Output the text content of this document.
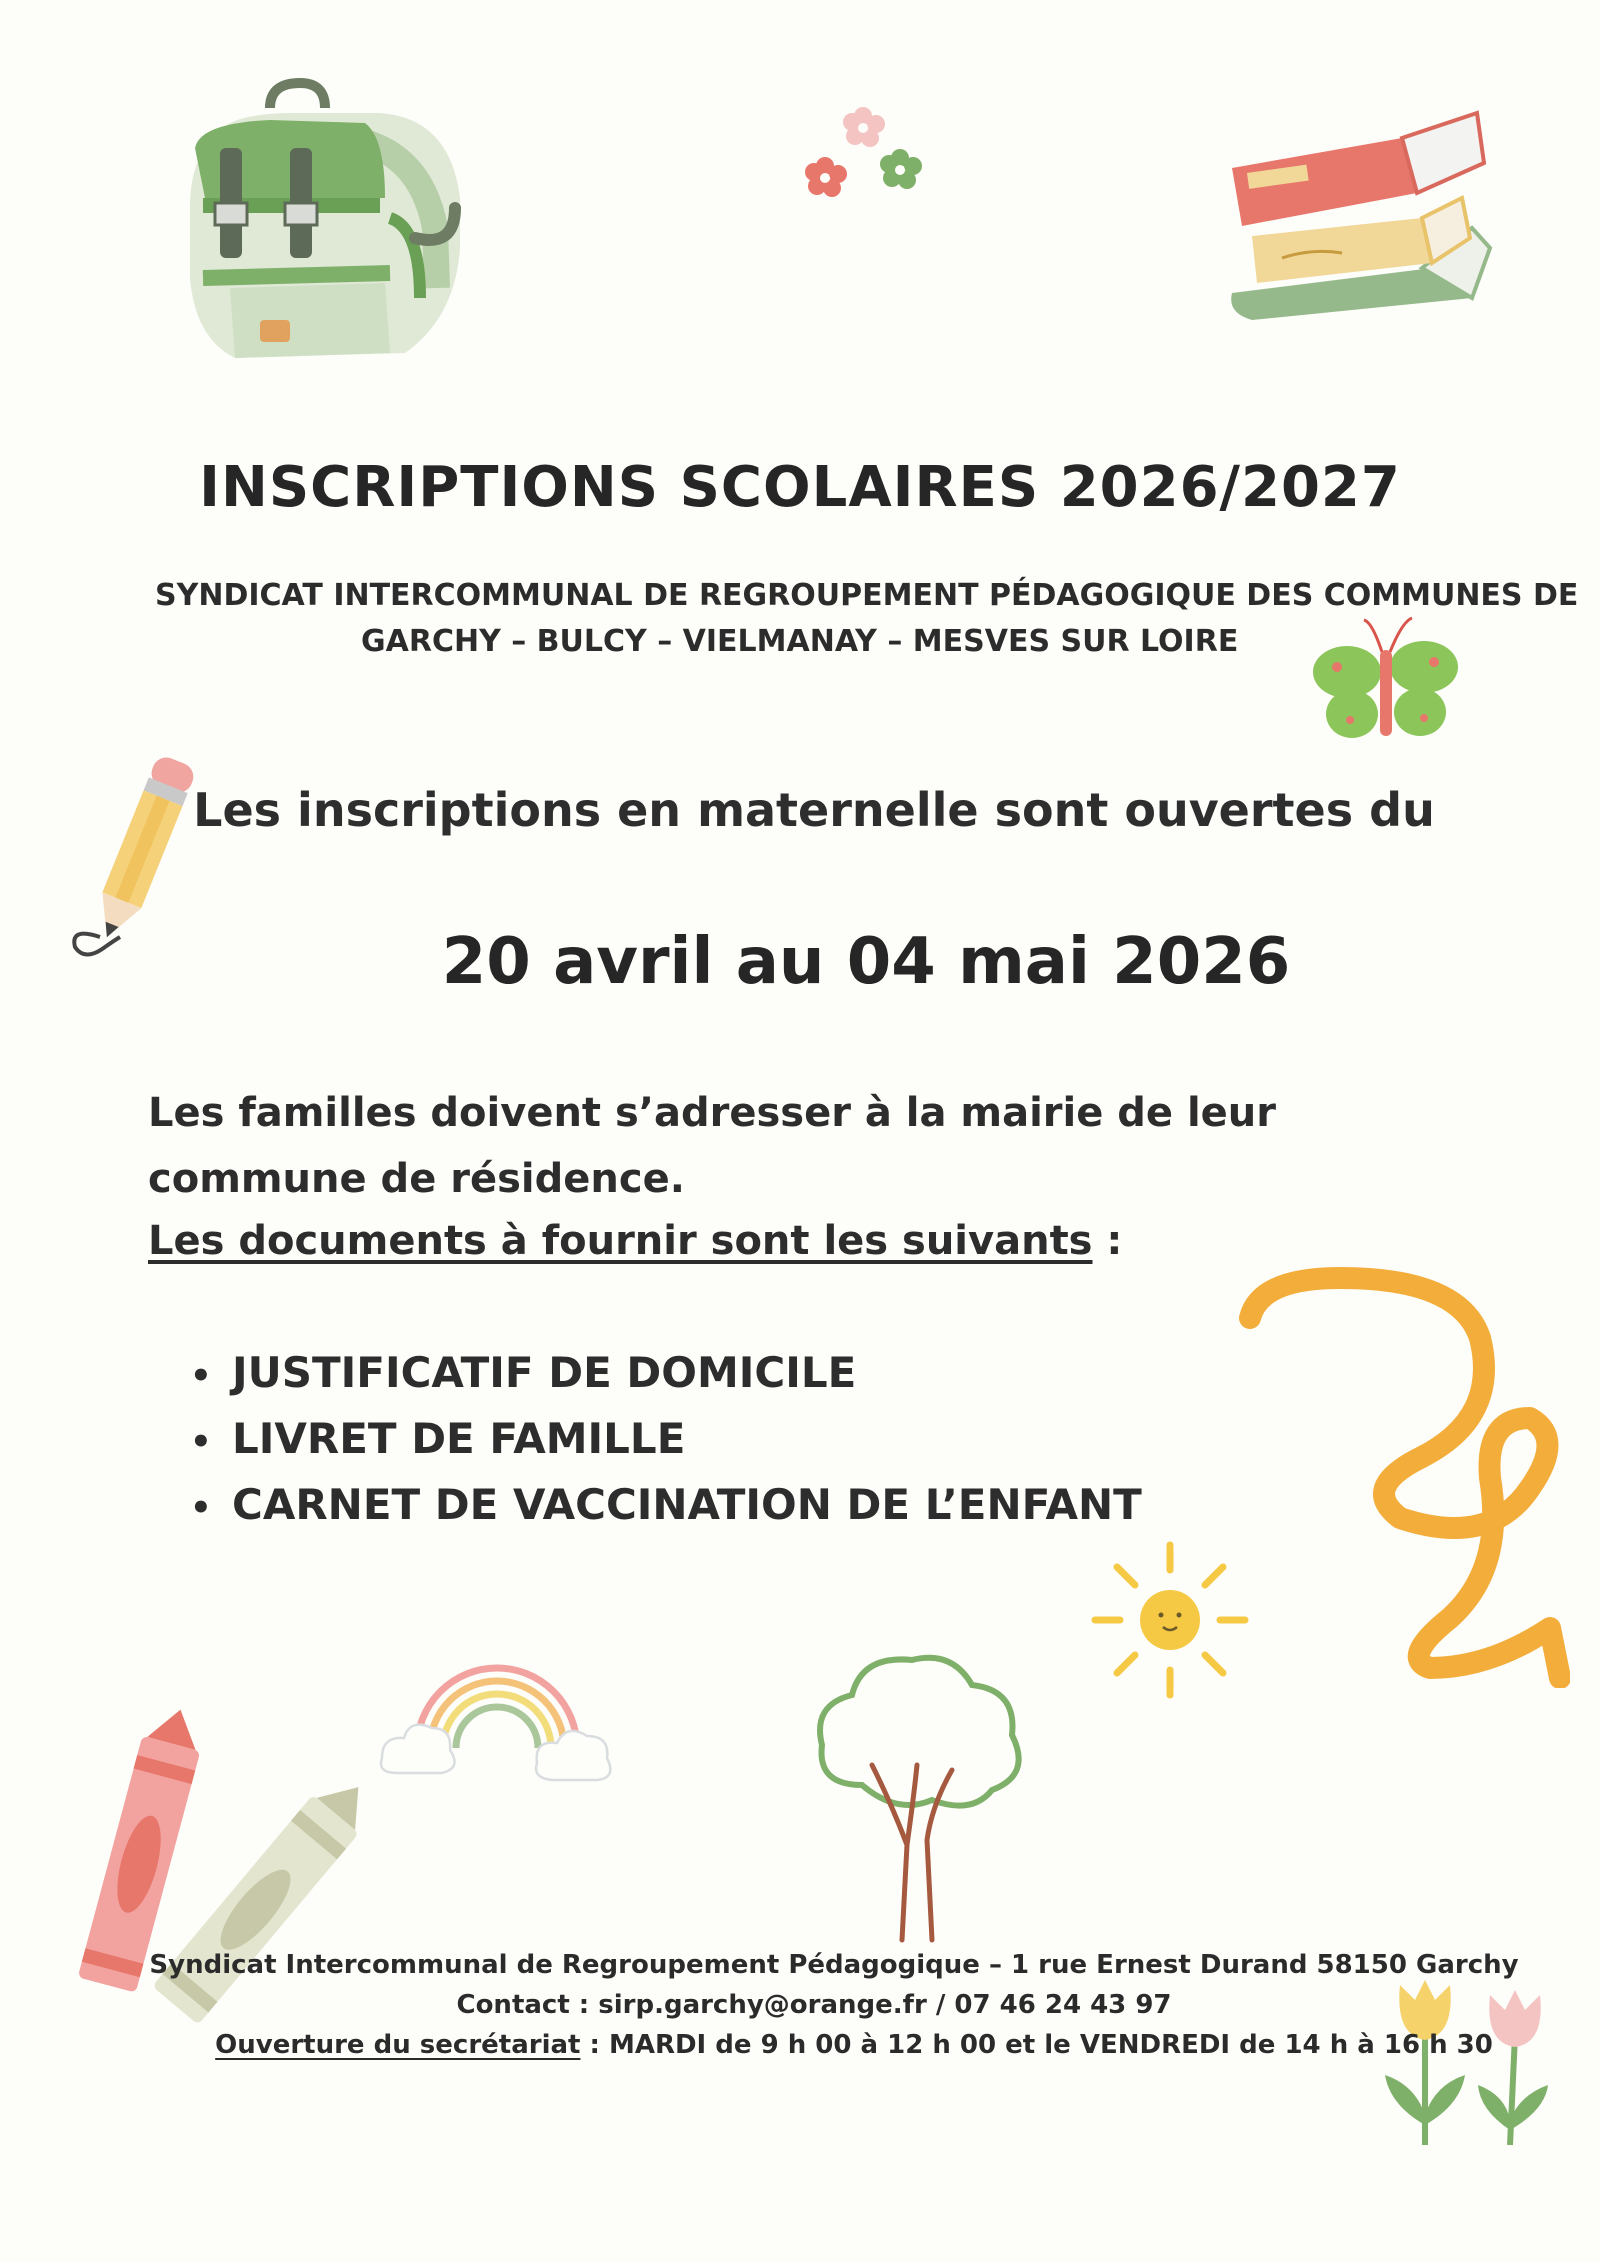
INSCRIPTIONS SCOLAIRES 2026/2027
SYNDICAT INTERCOMMUNAL DE REGROUPEMENT PÉDAGOGIQUE DES COMMUNES DE
GARCHY – BULCY – VIELMANAY – MESVES SUR LOIRE
Les inscriptions en maternelle sont ouvertes du
20 avril au 04 mai 2026
Les familles doivent s’adresser à la mairie de leur commune de résidence.
Les documents à fournir sont les suivants :
• JUSTIFICATIF DE DOMICILE
• LIVRET DE FAMILLE
• CARNET DE VACCINATION DE L’ENFANT
Syndicat Intercommunal de Regroupement Pédagogique – 1 rue Ernest Durand 58150 Garchy
Contact : sirp.garchy@orange.fr / 07 46 24 43 97
Ouverture du secrétariat : MARDI de 9 h 00 à 12 h 00 et le VENDREDI de 14 h à 16 h 30
